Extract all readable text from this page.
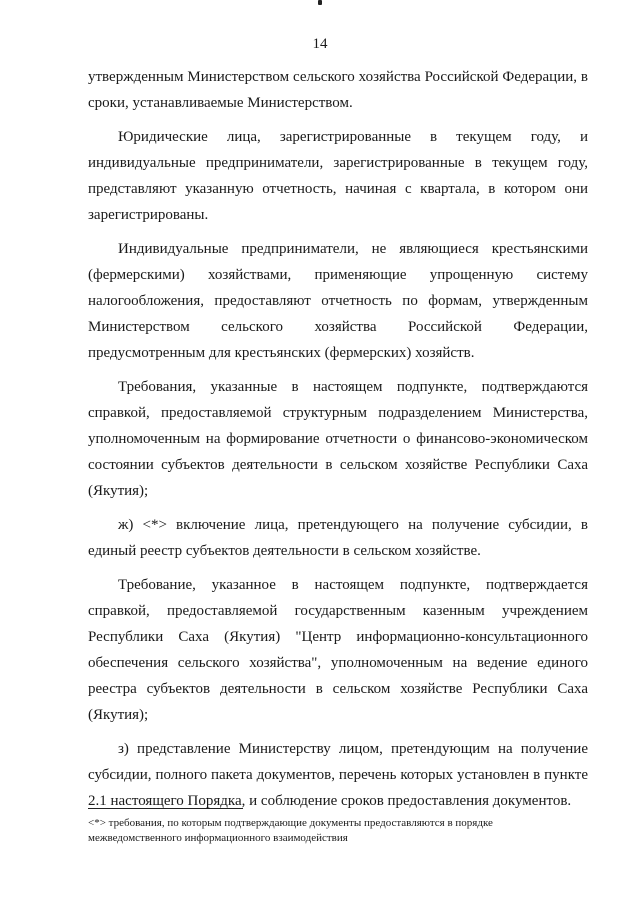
14

утвержденным Министерством сельского хозяйства Российской Федерации, в сроки, устанавливаемые Министерством.

Юридические лица, зарегистрированные в текущем году, и индивидуальные предприниматели, зарегистрированные в текущем году, представляют указанную отчетность, начиная с квартала, в котором они зарегистрированы.

Индивидуальные предприниматели, не являющиеся крестьянскими (фермерскими) хозяйствами, применяющие упрощенную систему налогообложения, предоставляют отчетность по формам, утвержденным Министерством сельского хозяйства Российской Федерации, предусмотренным для крестьянских (фермерских) хозяйств.

Требования, указанные в настоящем подпункте, подтверждаются справкой, предоставляемой структурным подразделением Министерства, уполномоченным на формирование отчетности о финансово-экономическом состоянии субъектов деятельности в сельском хозяйстве Республики Саха (Якутия);

ж) <*> включение лица, претендующего на получение субсидии, в единый реестр субъектов деятельности в сельском хозяйстве.

Требование, указанное в настоящем подпункте, подтверждается справкой, предоставляемой государственным казенным учреждением Республики Саха (Якутия) "Центр информационно-консультационного обеспечения сельского хозяйства", уполномоченным на ведение единого реестра субъектов деятельности в сельском хозяйстве Республики Саха (Якутия);

з) представление Министерству лицом, претендующим на получение субсидии, полного пакета документов, перечень которых установлен в пункте 2.1 настоящего Порядка, и соблюдение сроков предоставления документов.

<*> требования, по которым подтверждающие документы предоставляются в порядке межведомственного информационного взаимодействия
